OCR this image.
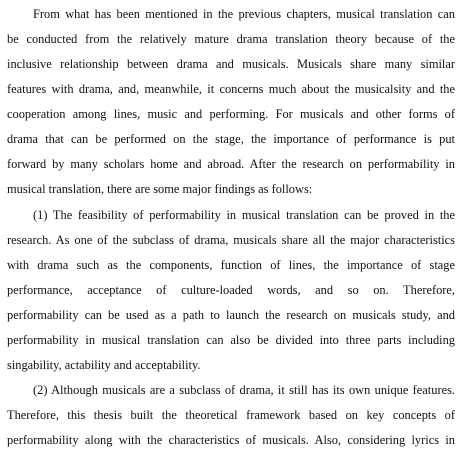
From what has been mentioned in the previous chapters, musical translation can
be conducted from the relatively mature drama translation theory because of the
inclusive relationship between drama and musicals. Musicals share many similar
features with drama, and, meanwhile, it concerns much about the musicalsity and the
cooperation among lines, music and performing. For musicals and other forms of
drama that can be performed on the stage, the importance of performance is put
forward by many scholars home and abroad. After the research on performability in
musical translation, there are some major findings as follows:
(1) The feasibility of performability in musical translation can be proved in the
research. As one of the subclass of drama, musicals share all the major characteristics
with drama such as the components, function of lines, the importance of stage
performance, acceptance of culture-loaded words, and so on. Therefore,
performability can be used as a path to launch the research on musicals study, and
performability in musical translation can also be divided into three parts including
singability, actability and acceptability.
(2) Although musicals are a subclass of drama, it still has its own unique features.
Therefore, this thesis built the theoretical framework based on key concepts of
performability along with the characteristics of musicals. Also, considering lyrics in
